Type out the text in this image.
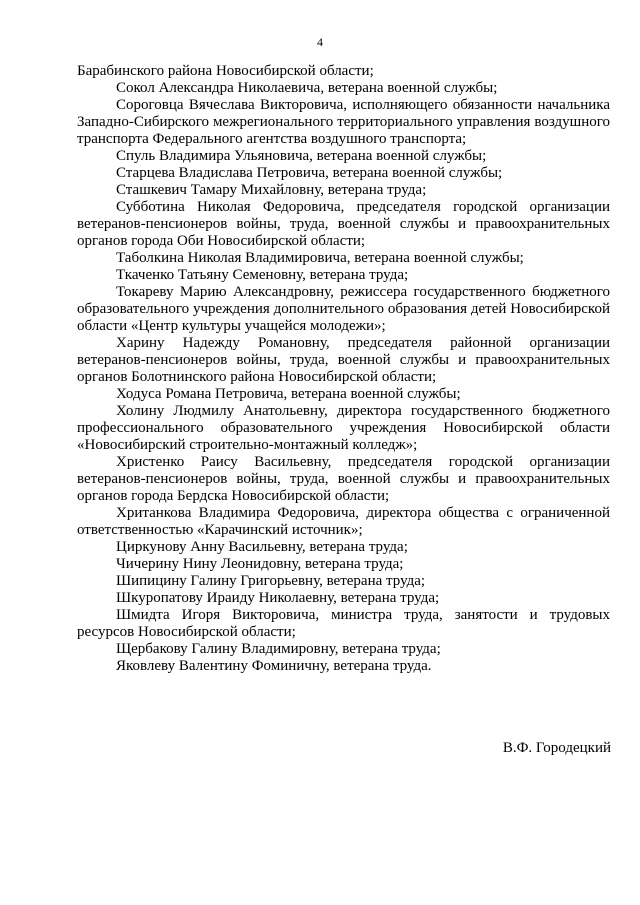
4

Барабинского района Новосибирской области;

Сокол Александра Николаевича, ветерана военной службы;

Сороговца Вячеслава Викторовича, исполняющего обязанности начальника Западно-Сибирского межрегионального территориального управления воздушного транспорта Федерального агентства воздушного транспорта;

Спуль Владимира Ульяновича, ветерана военной службы;

Старцева Владислава Петровича, ветерана военной службы;

Сташкевич Тамару Михайловну, ветерана труда;

Субботина Николая Федоровича, председателя городской организации ветеранов-пенсионеров войны, труда, военной службы и правоохранительных органов города Оби Новосибирской области;

Таболкина Николая Владимировича, ветерана военной службы;

Ткаченко Татьяну Семеновну, ветерана труда;

Токареву Марию Александровну, режиссера государственного бюджетного образовательного учреждения дополнительного образования детей Новосибирской области «Центр культуры учащейся молодежи»;

Харину Надежду Романовну, председателя районной организации ветеранов-пенсионеров войны, труда, военной службы и правоохранительных органов Болотнинского района Новосибирской области;

Ходуса Романа Петровича, ветерана военной службы;

Холину Людмилу Анатольевну, директора государственного бюджетного профессионального образовательного учреждения Новосибирской области «Новосибирский строительно-монтажный колледж»;

Христенко Раису Васильевну, председателя городской организации ветеранов-пенсионеров войны, труда, военной службы и правоохранительных органов города Бердска Новосибирской области;

Хританкова Владимира Федоровича, директора общества с ограниченной ответственностью «Карачинский источник»;

Циркунову Анну Васильевну, ветерана труда;

Чичерину Нину Леонидовну, ветерана труда;

Шипицину Галину Григорьевну, ветерана труда;

Шкуропатову Ираиду Николаевну, ветерана труда;

Шмидта Игоря Викторовича, министра труда, занятости и трудовых ресурсов Новосибирской области;

Щербакову Галину Владимировну, ветерана труда;

Яковлеву Валентину Фоминичну, ветерана труда.

В.Ф. Городецкий
